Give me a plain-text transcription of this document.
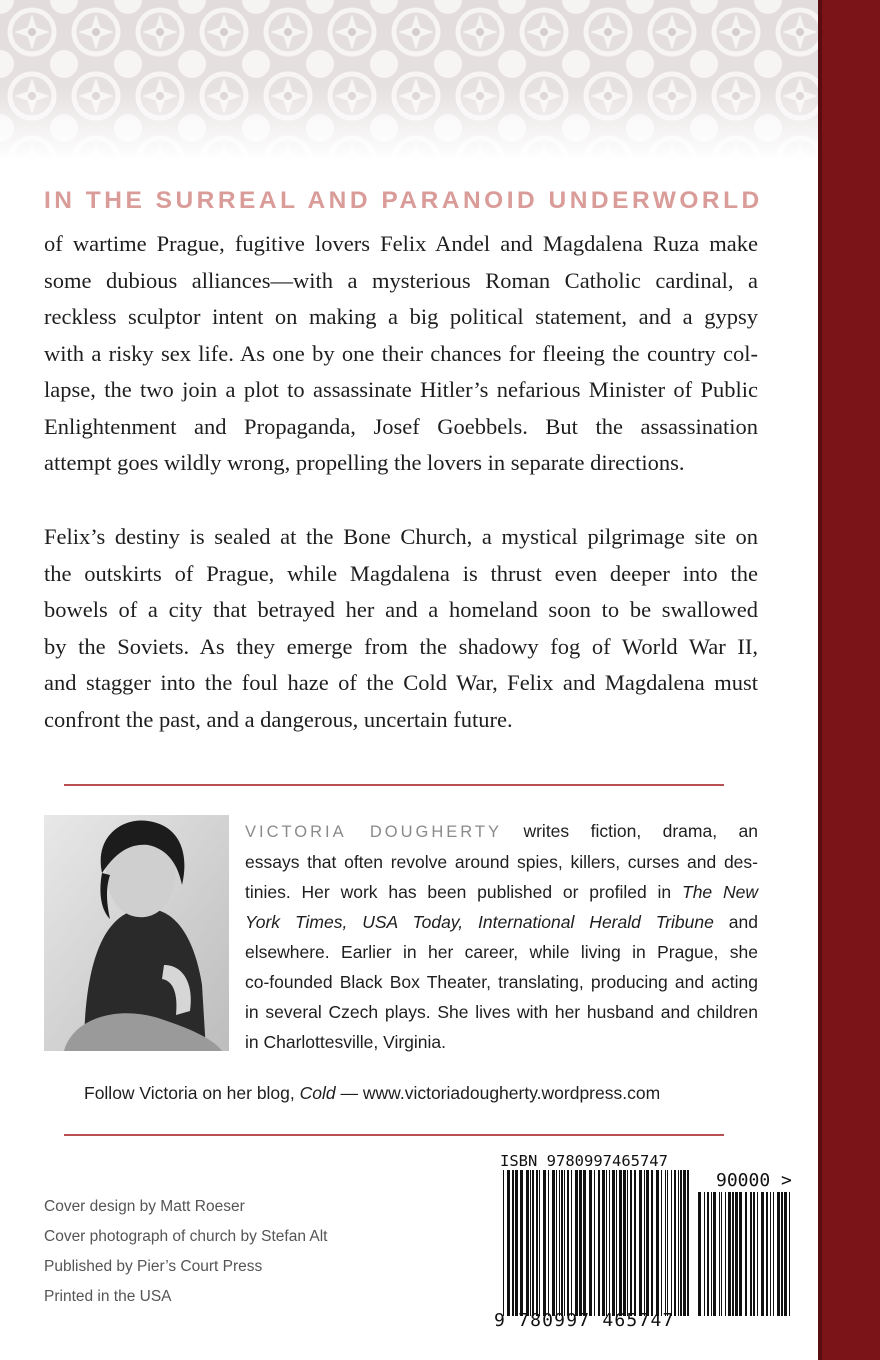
IN THE SURREAL AND PARANOID UNDERWORLD
of wartime Prague, fugitive lovers Felix Andel and Magdalena Ruza make
some dubious alliances—with a mysterious Roman Catholic cardinal, a
reckless sculptor intent on making a big political statement, and a gypsy
with a risky sex life. As one by one their chances for fleeing the country col-
lapse, the two join a plot to assassinate Hitler’s nefarious Minister of Public
Enlightenment and Propaganda, Josef Goebbels. But the assassination
attempt goes wildly wrong, propelling the lovers in separate directions.
Felix’s destiny is sealed at the Bone Church, a mystical pilgrimage site on
the outskirts of Prague, while Magdalena is thrust even deeper into the
bowels of a city that betrayed her and a homeland soon to be swallowed
by the Soviets. As they emerge from the shadowy fog of World War II,
and stagger into the foul haze of the Cold War, Felix and Magdalena must
confront the past, and a dangerous, uncertain future.
VICTORIA DOUGHERTY writes fiction, drama, an
essays that often revolve around spies, killers, curses and des-
tinies. Her work has been published or profiled in The New
York Times, USA Today, International Herald Tribune and
elsewhere. Earlier in her career, while living in Prague, she
co-founded Black Box Theater, translating, producing and acting
in several Czech plays. She lives with her husband and children
in Charlottesville, Virginia.
Follow Victoria on her blog, Cold — www.victoriadougherty.wordpress.com
Cover design by Matt Roeser
Cover photograph of church by Stefan Alt
Published by Pier’s Court Press
Printed in the USA
ISBN 9780997465747
90000 >
9 780997 465747
